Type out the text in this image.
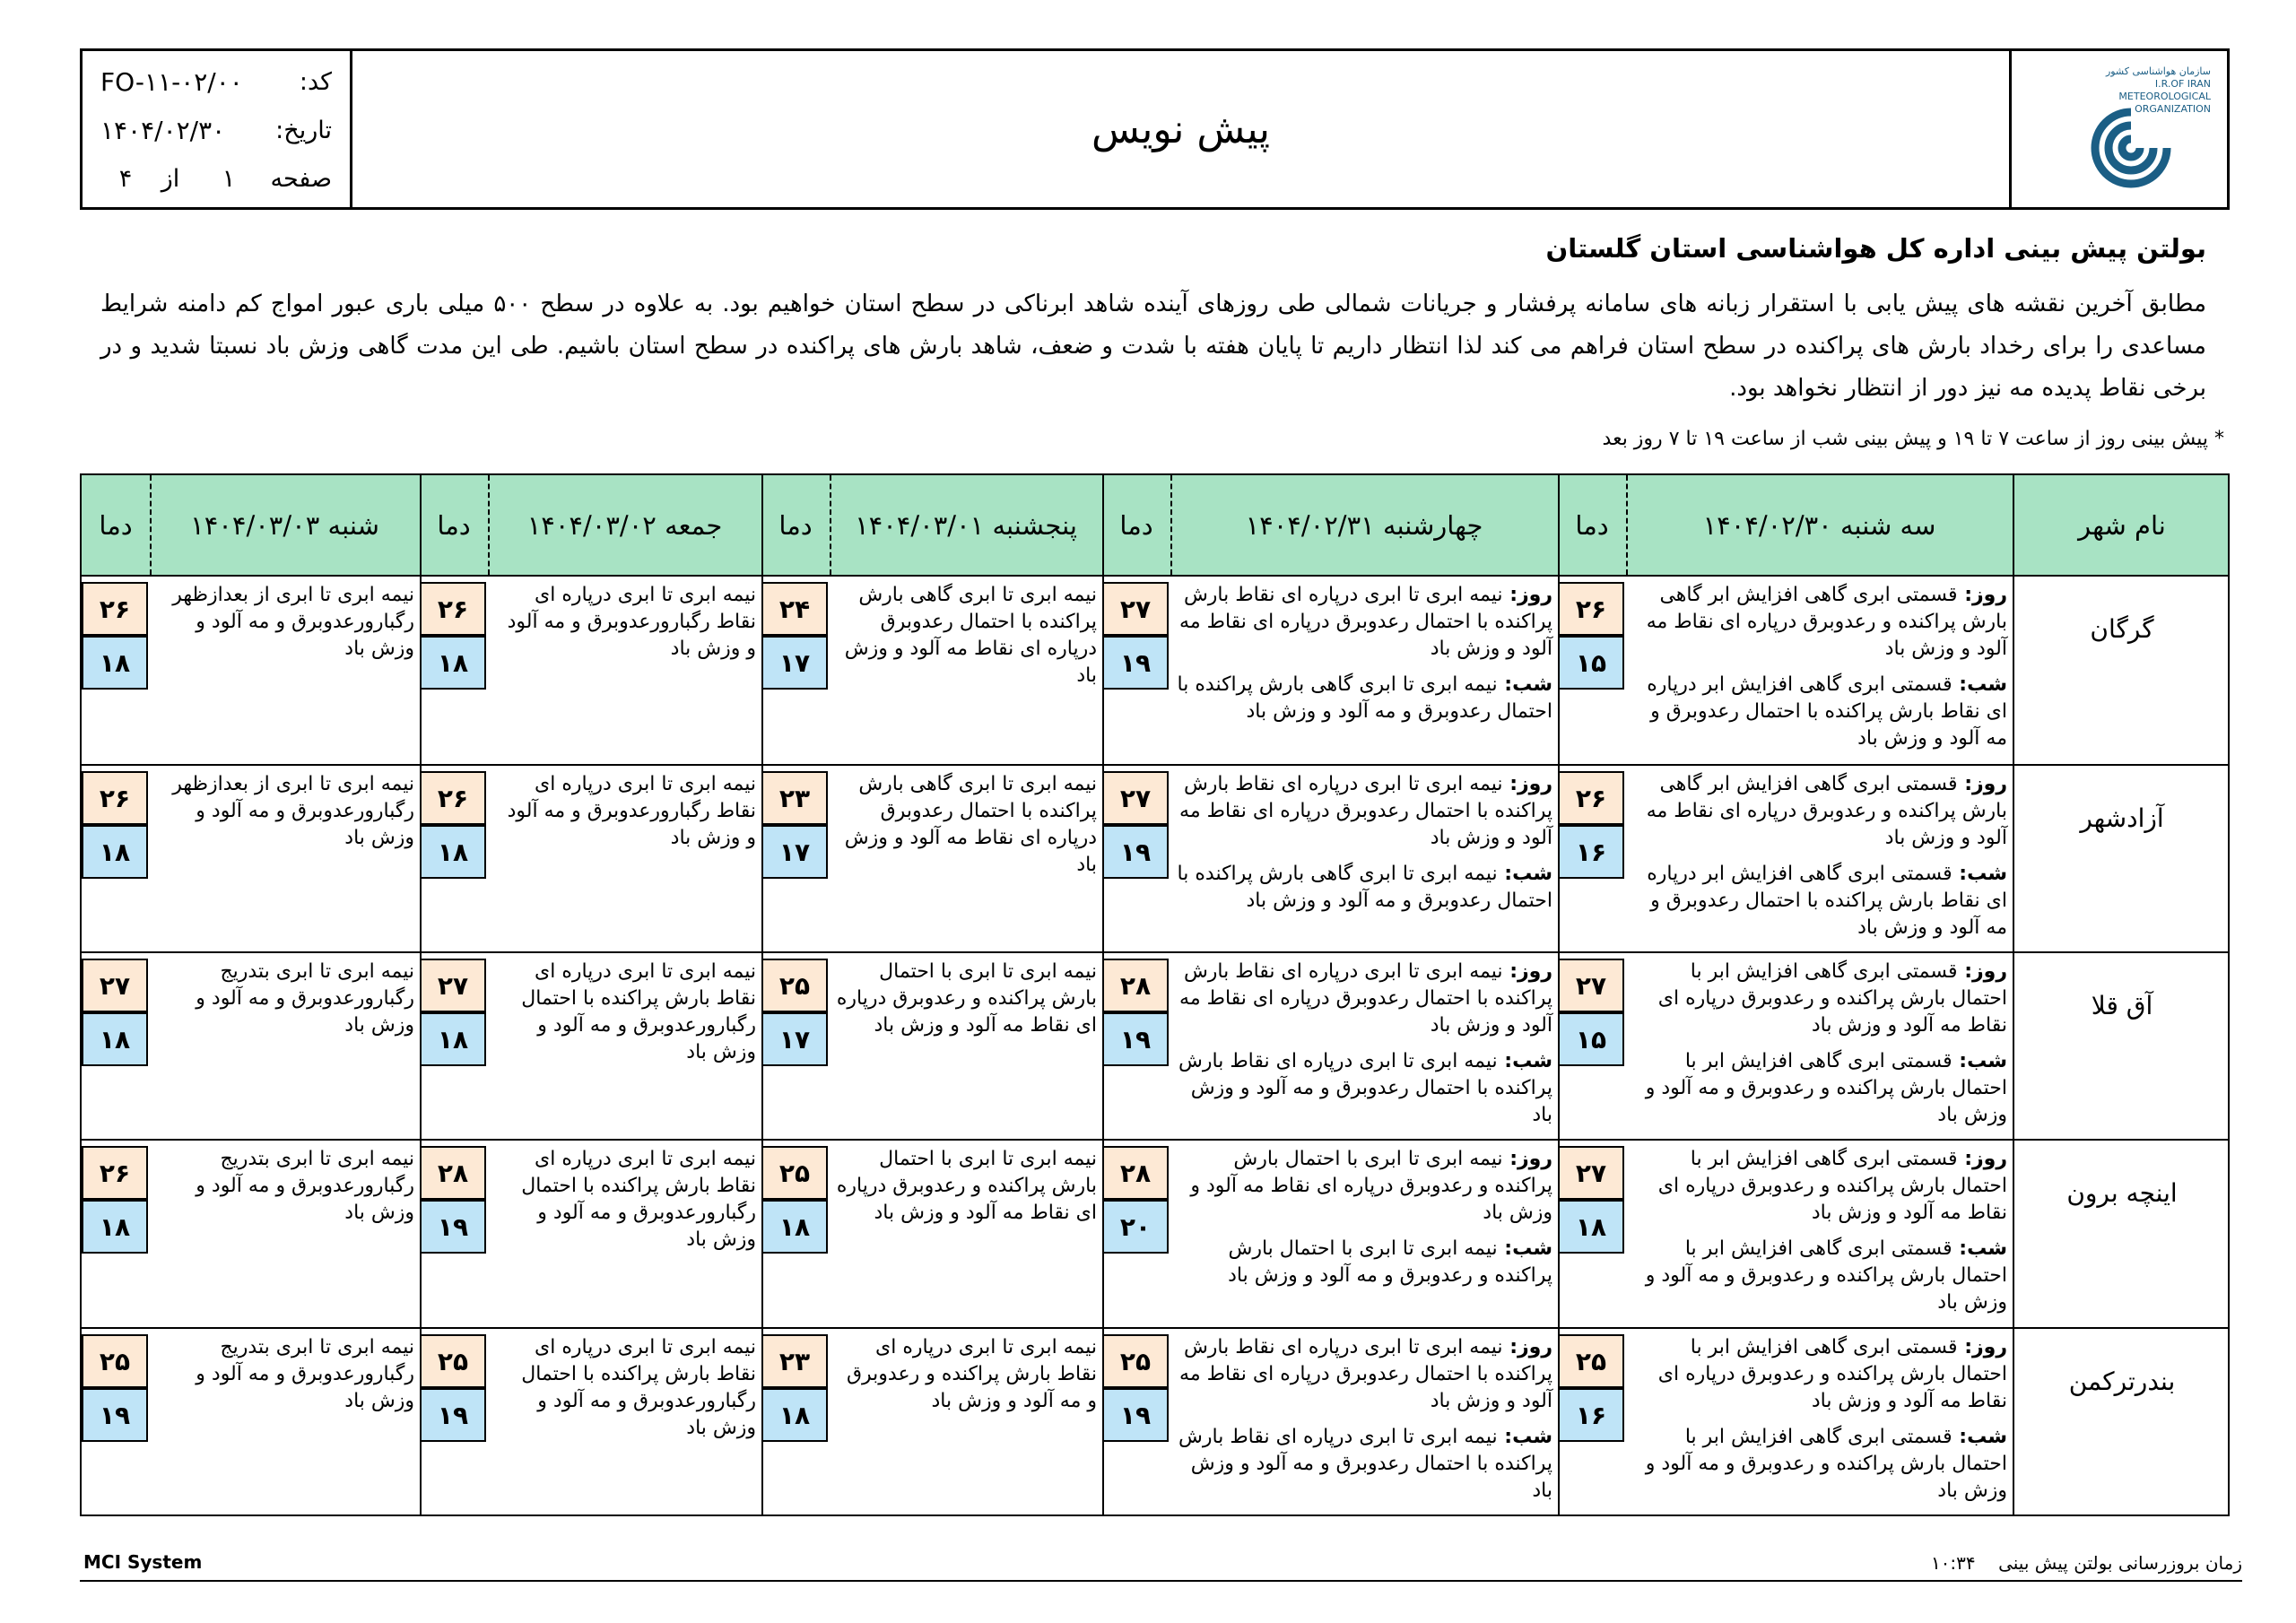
کد:
FO-۱۱-۰۲/۰۰
تاریخ:
۱۴۰۴/۰۲/۳۰
صفحه
۱
از
۴
پیش نویس
سازمان هواشناسی کشور
I.R.OF IRAN
METEOROLOGICAL
ORGANIZATION
بولتن پیش بینی اداره کل هواشناسی استان گلستان
مطابق آخرین نقشه های پیش یابی با استقرار زبانه های سامانه پرفشار و جریانات شمالی طی روزهای آینده شاهد ابرناکی در سطح استان خواهیم بود. به علاوه در سطح ۵۰۰ میلی باری عبور امواج کم دامنه شرایط مساعدی را برای رخداد بارش های پراکنده در سطح استان فراهم می کند لذا انتظار داریم تا پایان هفته با شدت و ضعف، شاهد بارش های پراکنده در سطح استان باشیم. طی این مدت گاهی وزش باد نسبتا شدید و در برخی نقاط پدیده مه نیز دور از انتظار نخواهد بود.
* پیش بینی روز از ساعت ۷ تا ۱۹ و پیش بینی شب از ساعت ۱۹ تا ۷ روز بعد
نام شهر
سه شنبه ۱۴۰۴/۰۲/۳۰
دما
چهارشنبه ۱۴۰۴/۰۲/۳۱
دما
پنجشنبه ۱۴۰۴/۰۳/۰۱
دما
جمعه ۱۴۰۴/۰۳/۰۲
دما
شنبه ۱۴۰۴/۰۳/۰۳
دما
گرگان
۲۶
۱۵
روز: قسمتی ابری گاهی افزایش ابر گاهی بارش پراکنده و رعدوبرق درپاره ای نقاط مه آلود و وزش باد
شب: قسمتی ابری گاهی افزایش ابر درپاره ای نقاط بارش پراکنده با احتمال رعدوبرق و مه آلود و وزش باد
۲۷
۱۹
روز: نیمه ابری تا ابری درپاره ای نقاط بارش پراکنده با احتمال رعدوبرق درپاره ای نقاط مه آلود و وزش باد
شب: نیمه ابری تا ابری گاهی بارش پراکنده با احتمال رعدوبرق و مه آلود و وزش باد
۲۴
۱۷
نیمه ابری تا ابری گاهی بارش پراکنده با احتمال رعدوبرق درپاره ای نقاط مه آلود و وزش باد
۲۶
۱۸
نیمه ابری تا ابری درپاره ای نقاط رگبارورعدوبرق و مه آلود و وزش باد
۲۶
۱۸
نیمه ابری تا ابری از بعدازظهر رگبارورعدوبرق و مه آلود و وزش باد
آزادشهر
۲۶
۱۶
روز: قسمتی ابری گاهی افزایش ابر گاهی بارش پراکنده و رعدوبرق درپاره ای نقاط مه آلود و وزش باد
شب: قسمتی ابری گاهی افزایش ابر درپاره ای نقاط بارش پراکنده با احتمال رعدوبرق و مه آلود و وزش باد
۲۷
۱۹
روز: نیمه ابری تا ابری درپاره ای نقاط بارش پراکنده با احتمال رعدوبرق درپاره ای نقاط مه آلود و وزش باد
شب: نیمه ابری تا ابری گاهی بارش پراکنده با احتمال رعدوبرق و مه آلود و وزش باد
۲۳
۱۷
نیمه ابری تا ابری گاهی بارش پراکنده با احتمال رعدوبرق درپاره ای نقاط مه آلود و وزش باد
۲۶
۱۸
نیمه ابری تا ابری درپاره ای نقاط رگبارورعدوبرق و مه آلود و وزش باد
۲۶
۱۸
نیمه ابری تا ابری از بعدازظهر رگبارورعدوبرق و مه آلود و وزش باد
آق قلا
۲۷
۱۵
روز: قسمتی ابری گاهی افزایش ابر با احتمال بارش پراکنده و رعدوبرق درپاره ای نقاط مه آلود و وزش باد
شب: قسمتی ابری گاهی افزایش ابر با احتمال بارش پراکنده و رعدوبرق و مه آلود و وزش باد
۲۸
۱۹
روز: نیمه ابری تا ابری درپاره ای نقاط بارش پراکنده با احتمال رعدوبرق درپاره ای نقاط مه آلود و وزش باد
شب: نیمه ابری تا ابری درپاره ای نقاط بارش پراکنده با احتمال رعدوبرق و مه آلود و وزش باد
۲۵
۱۷
نیمه ابری تا ابری با احتمال بارش پراکنده و رعدوبرق درپاره ای نقاط مه آلود و وزش باد
۲۷
۱۸
نیمه ابری تا ابری درپاره ای نقاط بارش پراکنده با احتمال رگبارورعدوبرق و مه آلود و وزش باد
۲۷
۱۸
نیمه ابری تا ابری بتدریج رگبارورعدوبرق و مه آلود و وزش باد
اینچه برون
۲۷
۱۸
روز: قسمتی ابری گاهی افزایش ابر با احتمال بارش پراکنده و رعدوبرق درپاره ای نقاط مه آلود و وزش باد
شب: قسمتی ابری گاهی افزایش ابر با احتمال بارش پراکنده و رعدوبرق و مه آلود و وزش باد
۲۸
۲۰
روز: نیمه ابری تا ابری با احتمال بارش پراکنده و رعدوبرق درپاره ای نقاط مه آلود و وزش باد
شب: نیمه ابری تا ابری با احتمال بارش پراکنده و رعدوبرق و مه آلود و وزش باد
۲۵
۱۸
نیمه ابری تا ابری با احتمال بارش پراکنده و رعدوبرق درپاره ای نقاط مه آلود و وزش باد
۲۸
۱۹
نیمه ابری تا ابری درپاره ای نقاط بارش پراکنده با احتمال رگبارورعدوبرق و مه آلود و وزش باد
۲۶
۱۸
نیمه ابری تا ابری بتدریج رگبارورعدوبرق و مه آلود و وزش باد
بندرترکمن
۲۵
۱۶
روز: قسمتی ابری گاهی افزایش ابر با احتمال بارش پراکنده و رعدوبرق درپاره ای نقاط مه آلود و وزش باد
شب: قسمتی ابری گاهی افزایش ابر با احتمال بارش پراکنده و رعدوبرق و مه آلود و وزش باد
۲۵
۱۹
روز: نیمه ابری تا ابری درپاره ای نقاط بارش پراکنده با احتمال رعدوبرق درپاره ای نقاط مه آلود و وزش باد
شب: نیمه ابری تا ابری درپاره ای نقاط بارش پراکنده با احتمال رعدوبرق و مه آلود و وزش باد
۲۳
۱۸
نیمه ابری تا ابری درپاره ای نقاط بارش پراکنده و رعدوبرق و مه آلود و وزش باد
۲۵
۱۹
نیمه ابری تا ابری درپاره ای نقاط بارش پراکنده با احتمال رگبارورعدوبرق و مه آلود و وزش باد
۲۵
۱۹
نیمه ابری تا ابری بتدریج رگبارورعدوبرق و مه آلود و وزش باد
MCI System	زمان بروزرسانی بولتن پیش بینی    ۱۰:۳۴
